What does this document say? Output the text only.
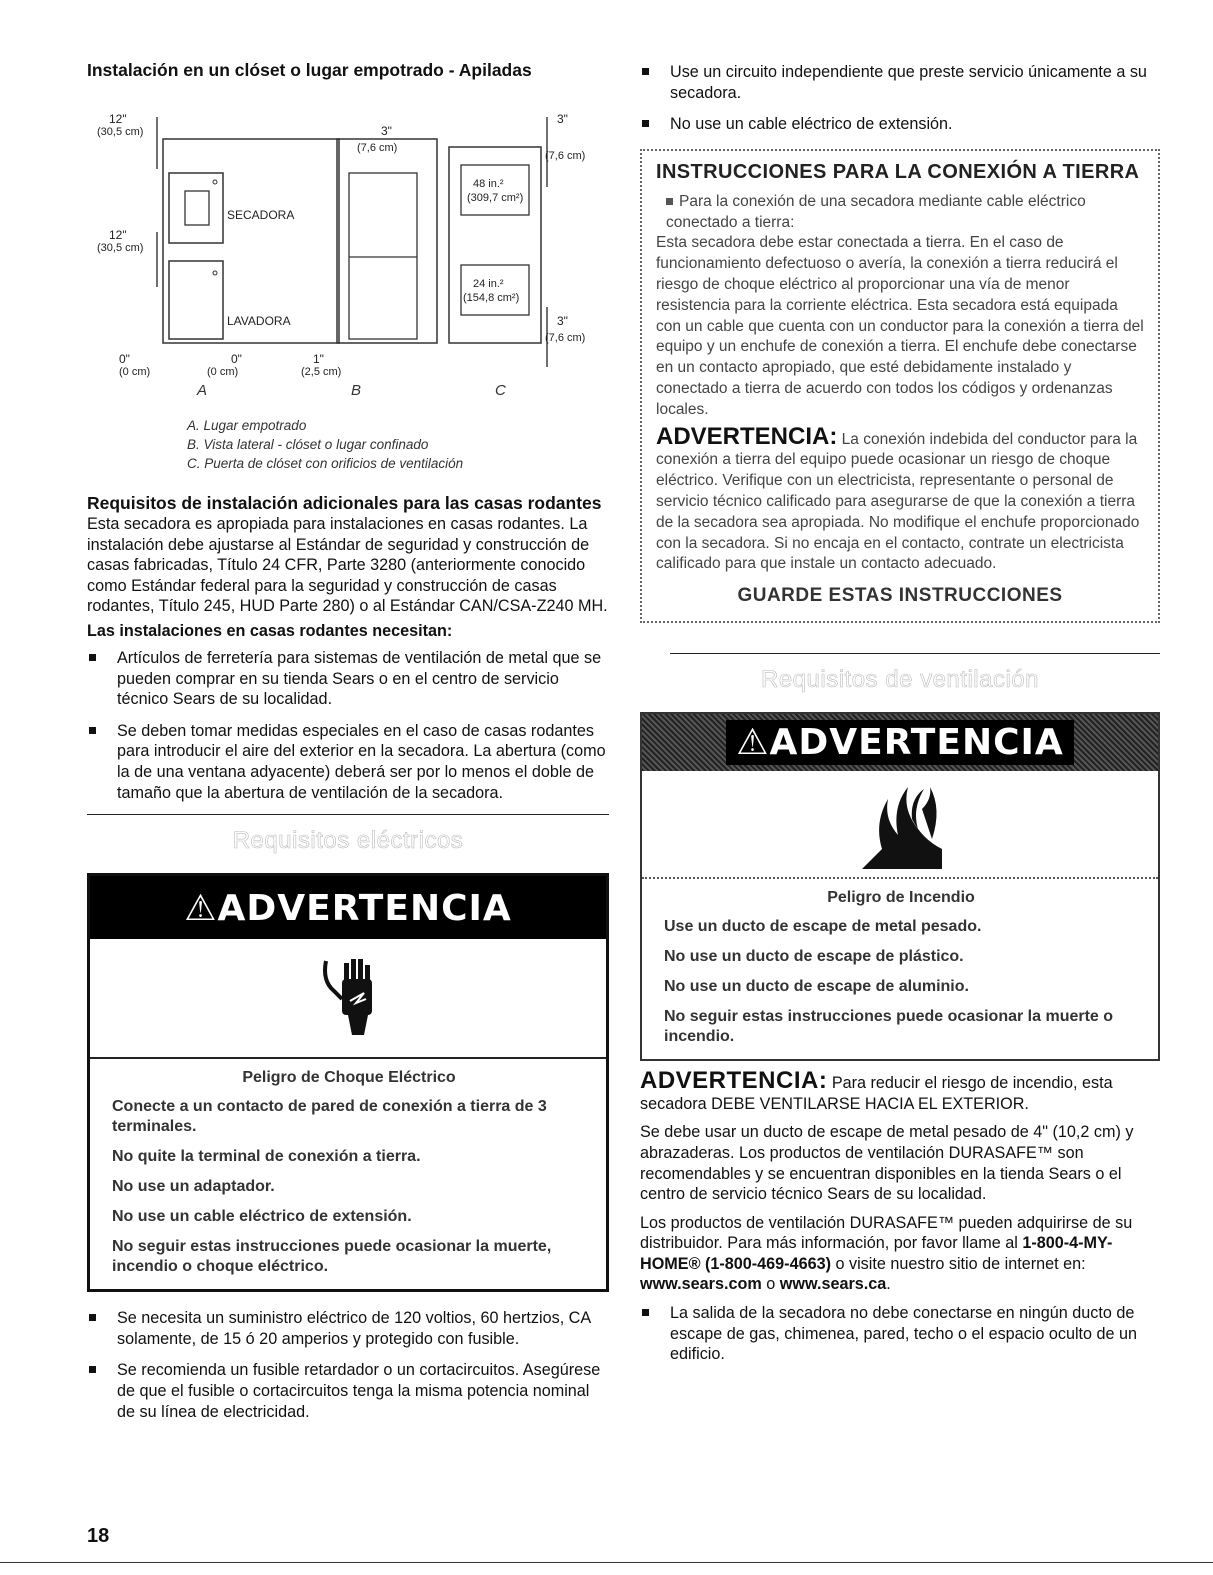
Instalación en un clóset o lugar empotrado - Apiladas
12"
(30,5 cm)
12"
(30,5 cm)
SECADORA
LAVADORA
0"
(0 cm)
0"
(0 cm)
3"
(7,6 cm)
1"
(2,5 cm)
48 in.²
(309,7 cm²)
24 in.²
(154,8 cm²)
3"
(7,6 cm)
3"
(7,6 cm)
A	B	C
A. Lugar empotrado
B. Vista lateral - clóset o lugar confinado
C. Puerta de clóset con orificios de ventilación
Requisitos de instalación adicionales para las casas rodantes

Esta secadora es apropiada para instalaciones en casas rodantes. La instalación debe ajustarse al Estándar de seguridad y construcción de casas fabricadas, Título 24 CFR, Parte 3280 (anteriormente conocido como Estándar federal para la seguridad y construcción de casas rodantes, Título 245, HUD Parte 280) o al Estándar CAN/CSA-Z240 MH.

Las instalaciones en casas rodantes necesitan:
Artículos de ferretería para sistemas de ventilación de metal que se pueden comprar en su tienda Sears o en el centro de servicio técnico Sears de su localidad.
Se deben tomar medidas especiales en el caso de casas rodantes para introducir el aire del exterior en la secadora. La abertura (como la de una ventana adyacente) deberá ser por lo menos el doble de tamaño que la abertura de ventilación de la secadora.
Requisitos eléctricos
⚠ADVERTENCIA
Peligro de Choque Eléctrico
Conecte a un contacto de pared de conexión a tierra de 3 terminales.
No quite la terminal de conexión a tierra.
No use un adaptador.
No use un cable eléctrico de extensión.
No seguir estas instrucciones puede ocasionar la muerte, incendio o choque eléctrico.
Se necesita un suministro eléctrico de 120 voltios, 60 hertzios, CA solamente, de 15 ó 20 amperios y protegido con fusible.
Se recomienda un fusible retardador o un cortacircuitos. Asegúrese de que el fusible o cortacircuitos tenga la misma potencia nominal de su línea de electricidad.
18
Use un circuito independiente que preste servicio únicamente a su secadora.
No use un cable eléctrico de extensión.
INSTRUCCIONES PARA LA CONEXIÓN A TIERRA

Para la conexión de una secadora mediante cable eléctrico conectado a tierra:

Esta secadora debe estar conectada a tierra. En el caso de funcionamiento defectuoso o avería, la conexión a tierra reducirá el riesgo de choque eléctrico al proporcionar una vía de menor resistencia para la corriente eléctrica. Esta secadora está equipada con un cable que cuenta con un conductor para la conexión a tierra del equipo y un enchufe de conexión a tierra. El enchufe debe conectarse en un contacto apropiado, que esté debidamente instalado y conectado a tierra de acuerdo con todos los códigos y ordenanzas locales.

ADVERTENCIA: La conexión indebida del conductor para la conexión a tierra del equipo puede ocasionar un riesgo de choque eléctrico. Verifique con un electricista, representante o personal de servicio técnico calificado para asegurarse de que la conexión a tierra de la secadora sea apropiada. No modifique el enchufe proporcionado con la secadora. Si no encaja en el contacto, contrate un electricista calificado para que instale un contacto adecuado.

GUARDE ESTAS INSTRUCCIONES
Requisitos de ventilación
⚠ADVERTENCIA
Peligro de Incendio
Use un ducto de escape de metal pesado.
No use un ducto de escape de plástico.
No use un ducto de escape de aluminio.
No seguir estas instrucciones puede ocasionar la muerte o incendio.

ADVERTENCIA: Para reducir el riesgo de incendio, esta secadora DEBE VENTILARSE HACIA EL EXTERIOR.

Se debe usar un ducto de escape de metal pesado de 4" (10,2 cm) y abrazaderas. Los productos de ventilación DURASAFE™ son recomendables y se encuentran disponibles en la tienda Sears o el centro de servicio técnico Sears de su localidad.

Los productos de ventilación DURASAFE™ pueden adquirirse de su distribuidor. Para más información, por favor llame al 1-800-4-MY-HOME® (1-800-469-4663) o visite nuestro sitio de internet en: www.sears.com o www.sears.ca.

La salida de la secadora no debe conectarse en ningún ducto de escape de gas, chimenea, pared, techo o el espacio oculto de un edificio.
